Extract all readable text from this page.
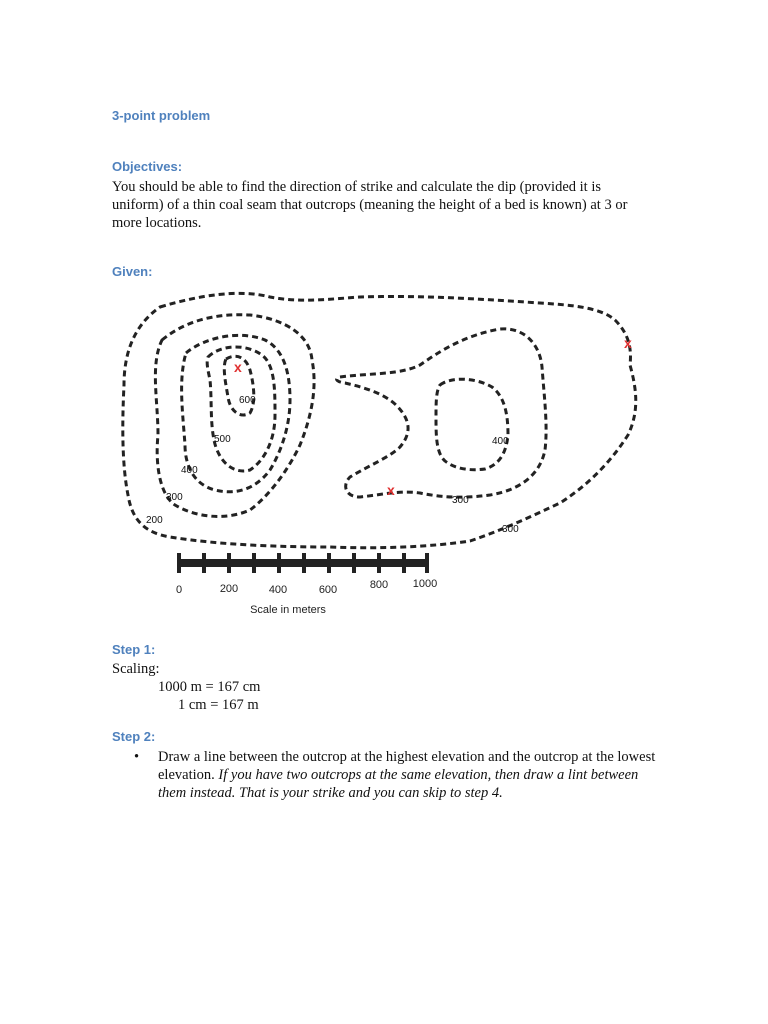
3-point problem
Objectives:
You should be able to find the direction of strike and calculate the dip (provided it is uniform) of a thin coal seam that outcrops (meaning the height of a bed is known) at 3 or more locations.
Given:
x
x
x
600
500
400
300
200
400
300
300
0	200	400	600	800 1000
Scale in meters
Step 1:
Scaling:
1000 m = 167 cm
1 cm = 167 m
Step 2:
• Draw a line between the outcrop at the highest elevation and the outcrop at the lowest elevation. If you have two outcrops at the same elevation, then draw a lint between them instead. That is your strike and you can skip to step 4.
